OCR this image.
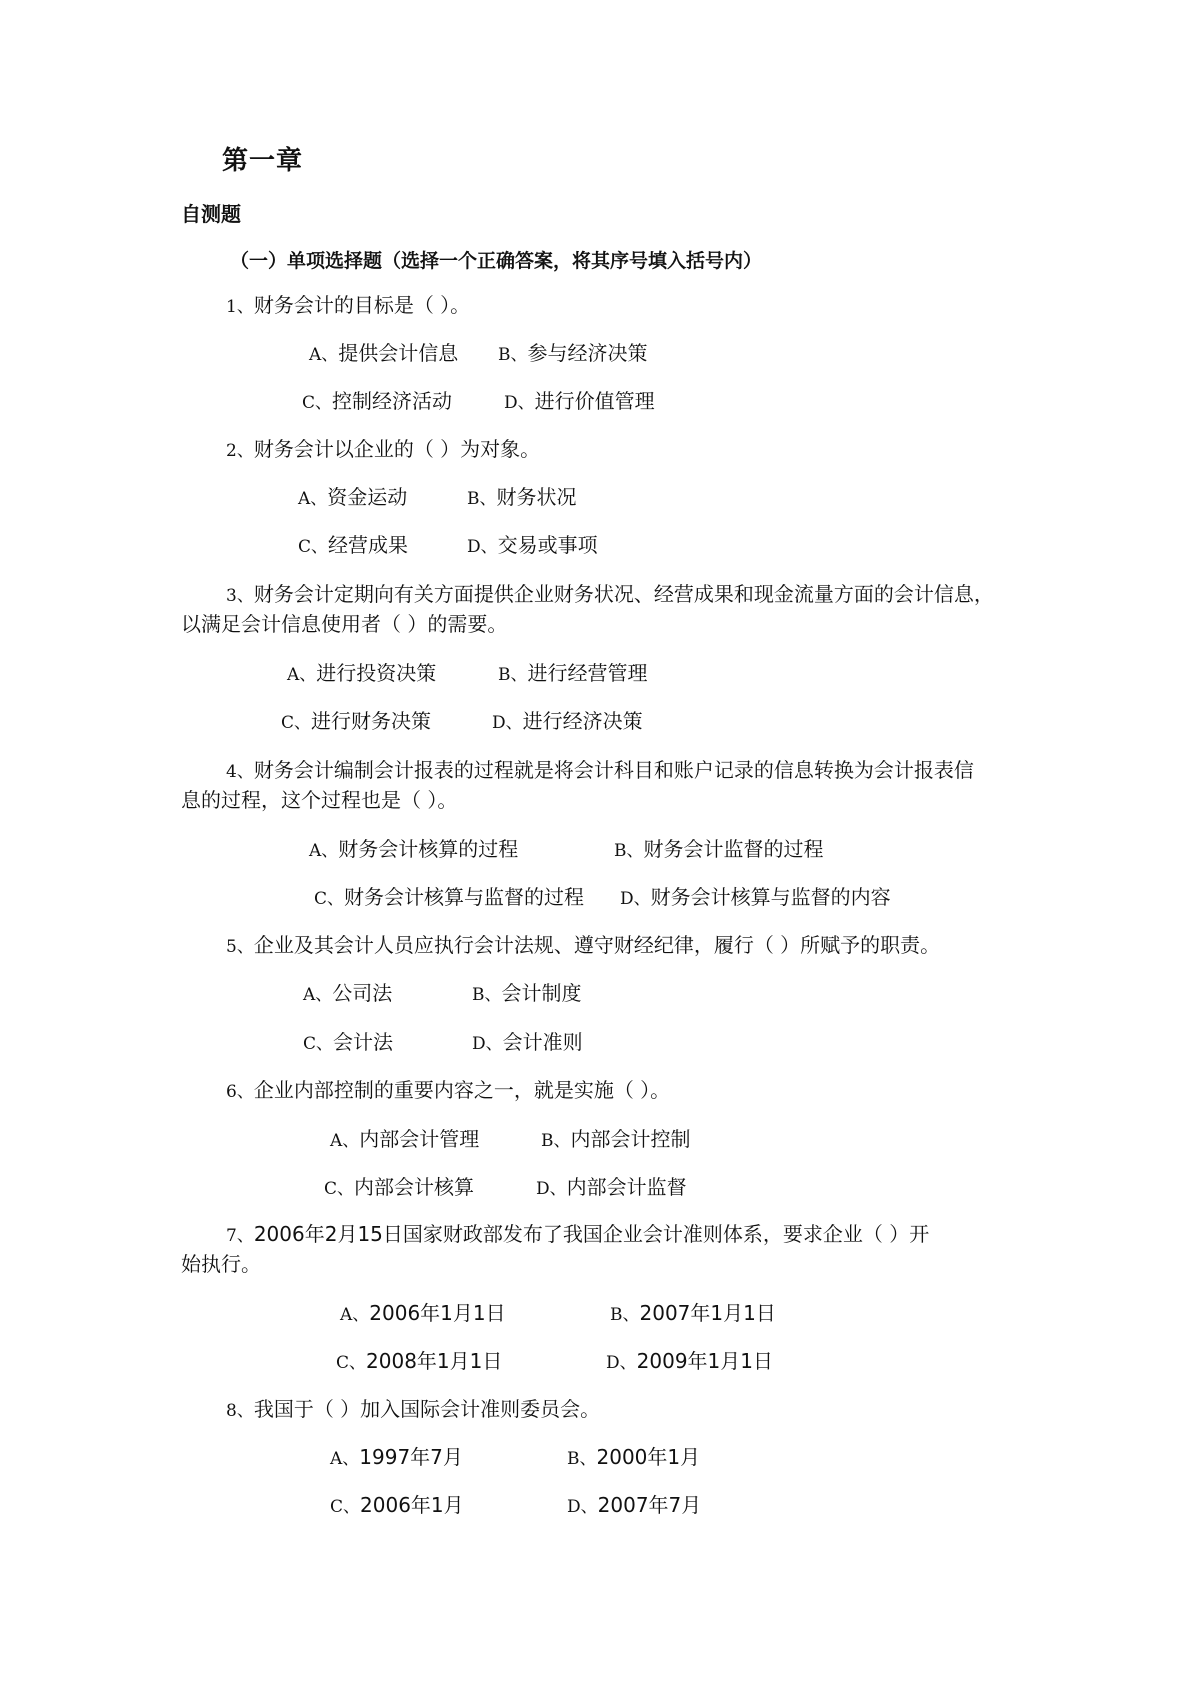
第一章
自测题
（一）单项选择题（选择一个正确答案，将其序号填入括号内）

1、财务会计的目标是（ ）。

A、提供会计信息 B、参与经济决策

C、控制经济活动	D、进行价值管理

2、财务会计以企业的（ ）为对象。

A、资金运动	B、财务状况

C、经营成果	D、交易或事项

3、财务会计定期向有关方面提供企业财务状况、经营成果和现金流量方面的会计信息，

以满足会计信息使用者（ ）的需要。

A、进行投资决策	B、进行经营管理

C、进行财务决策	D、进行经济决策

4、财务会计编制会计报表的过程就是将会计科目和账户记录的信息转换为会计报表信

息的过程，这个过程也是（ ）。

A、财务会计核算的过程	B、财务会计监督的过程

C、财务会计核算与监督的过程 D、财务会计核算与监督的内容

5、企业及其会计人员应执行会计法规、遵守财经纪律，履行（ ）所赋予的职责。

A、公司法	B、会计制度

C、会计法	D、会计准则

6、企业内部控制的重要内容之一，就是实施（ ）。

A、内部会计管理	B、内部会计控制

C、内部会计核算	D、内部会计监督

7、2006年2月15日国家财政部发布了我国企业会计准则体系，要求企业（ ）开

始执行。

A、2006年1月1日	B、2007年1月1日

C、2008年1月1日	D、2009年1月1日

8、我国于（ ）加入国际会计准则委员会。

A、1997年7月	B、2000年1月

C、2006年1月	D、2007年7月
